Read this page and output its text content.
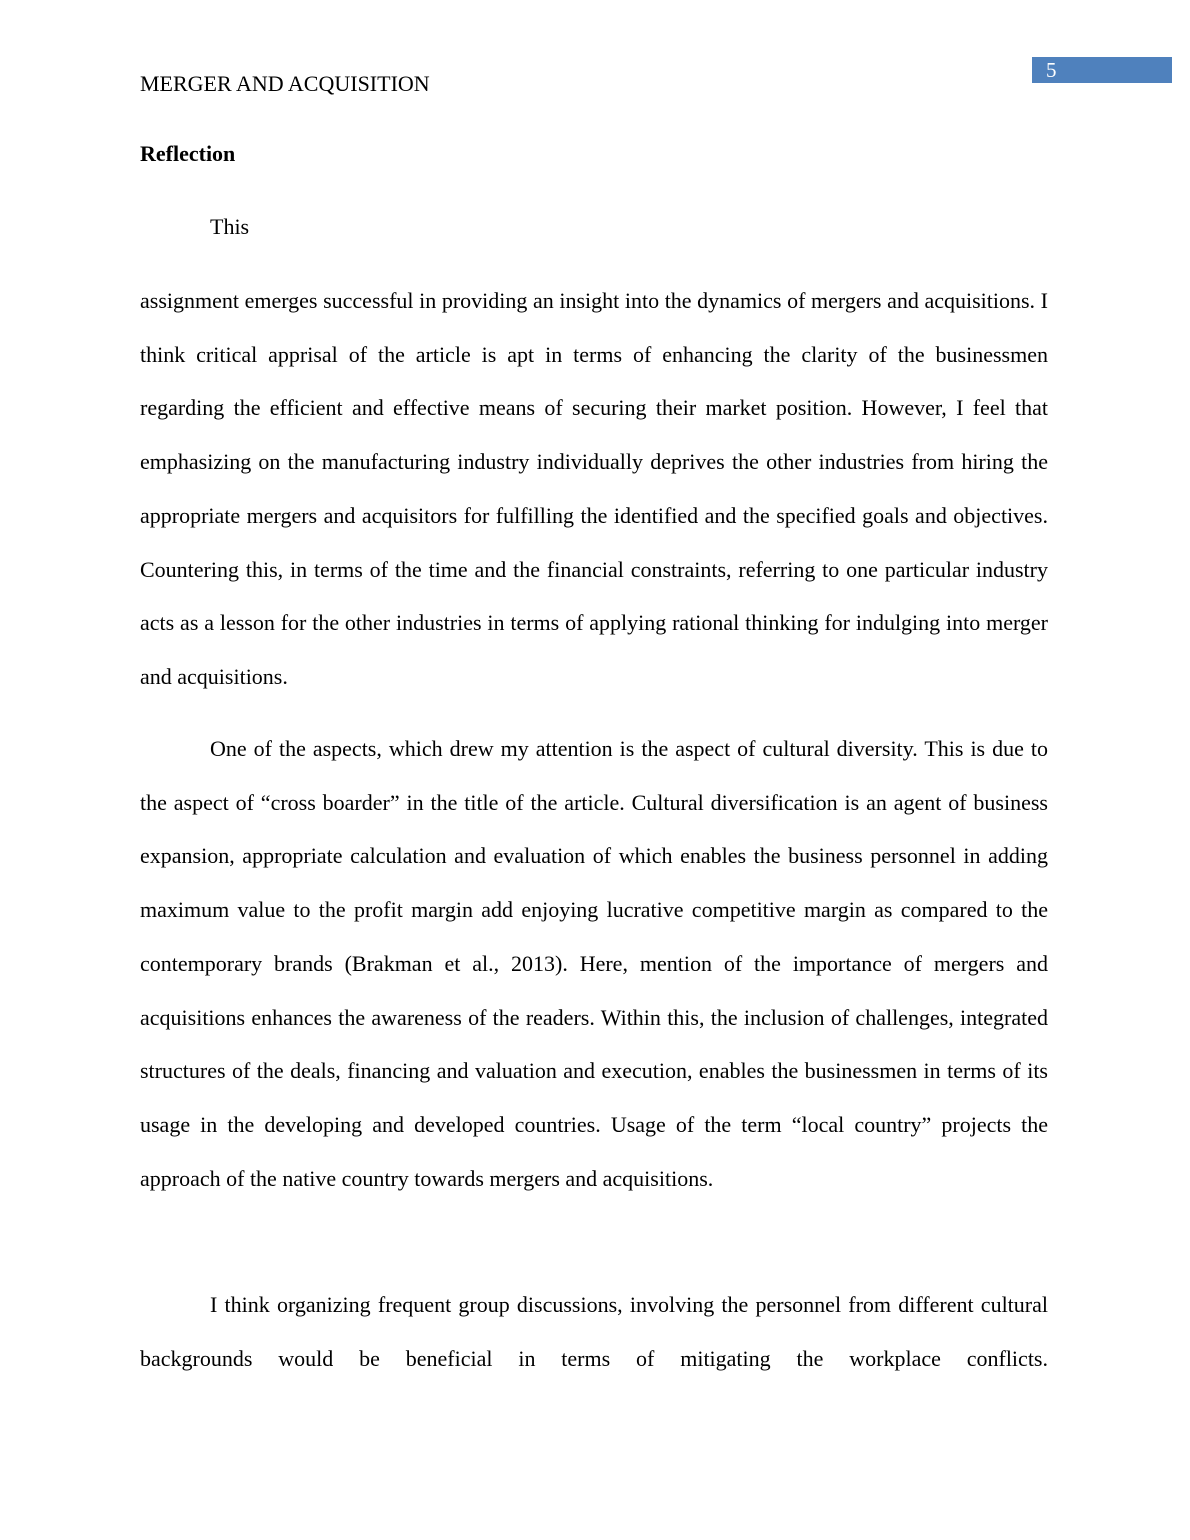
5
MERGER AND ACQUISITION
Reflection
This

assignment emerges successful in providing an insight into the dynamics of mergers and acquisitions. I think critical apprisal of the article is apt in terms of enhancing the clarity of the businessmen regarding the efficient and effective means of securing their market position. However, I feel that emphasizing on the manufacturing industry individually deprives the other industries from hiring the appropriate mergers and acquisitors for fulfilling the identified and the specified goals and objectives. Countering this, in terms of the time and the financial constraints, referring to one particular industry acts as a lesson for the other industries in terms of applying rational thinking for indulging into merger and acquisitions.

One of the aspects, which drew my attention is the aspect of cultural diversity. This is due to the aspect of “cross boarder” in the title of the article. Cultural diversification is an agent of business expansion, appropriate calculation and evaluation of which enables the business personnel in adding maximum value to the profit margin add enjoying lucrative competitive margin as compared to the contemporary brands (Brakman et al., 2013). Here, mention of the importance of mergers and acquisitions enhances the awareness of the readers. Within this, the inclusion of challenges, integrated structures of the deals, financing and valuation and execution, enables the businessmen in terms of its usage in the developing and developed countries. Usage of the term “local country” projects the approach of the native country towards mergers and acquisitions.

I think organizing frequent group discussions, involving the personnel from different cultural backgrounds would be beneficial in terms of mitigating the workplace conflicts.
